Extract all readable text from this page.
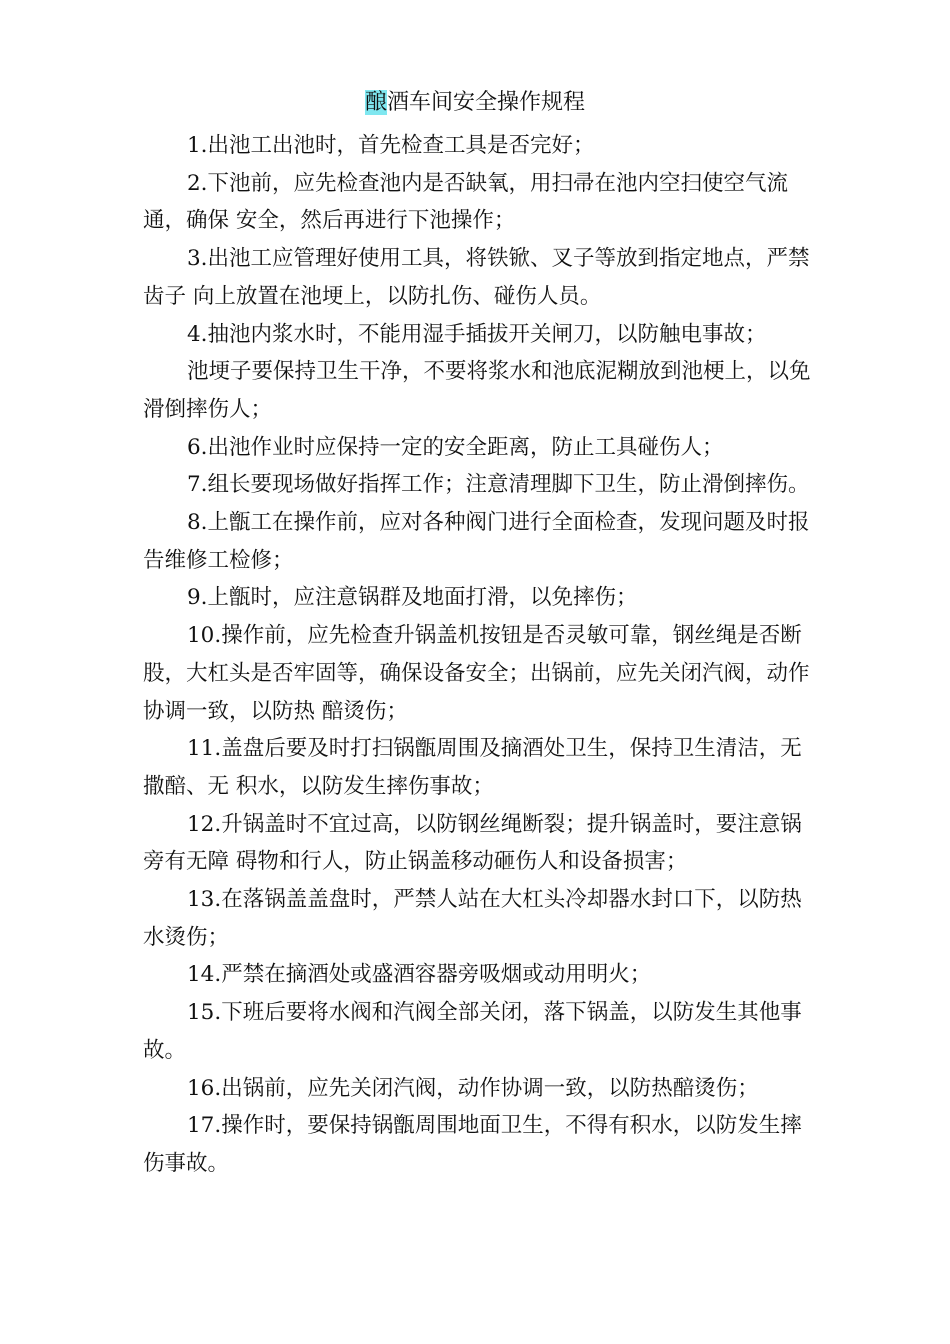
酿酒车间安全操作规程

1.出池工出池时，首先检查工具是否完好；

2.下池前，应先检查池内是否缺氧，用扫帚在池内空扫使空气流通，确保 安全，然后再进行下池操作；

3.出池工应管理好使用工具，将铁锨、叉子等放到指定地点，严禁齿子 向上放置在池埂上，以防扎伤、碰伤人员。

4.抽池内浆水时，不能用湿手插拔开关闸刀，以防触电事故；

池埂子要保持卫生干净，不要将浆水和池底泥糊放到池梗上，以免滑倒摔伤人；

6.出池作业时应保持一定的安全距离，防止工具碰伤人；

7.组长要现场做好指挥工作；注意清理脚下卫生，防止滑倒摔伤。

8.上甑工在操作前，应对各种阀门进行全面检查，发现问题及时报告维修工检修；

9.上甑时，应注意锅群及地面打滑，以免摔伤；

10.操作前，应先检查升锅盖机按钮是否灵敏可靠，钢丝绳是否断股，大杠头是否牢固等，确保设备安全；出锅前，应先关闭汽阀，动作协调一致，以防热 醅烫伤；

11.盖盘后要及时打扫锅甑周围及摘酒处卫生，保持卫生清洁，无撒醅、无 积水，以防发生摔伤事故；

12.升锅盖时不宜过高，以防钢丝绳断裂；提升锅盖时，要注意锅旁有无障 碍物和行人，防止锅盖移动砸伤人和设备损害；

13.在落锅盖盖盘时，严禁人站在大杠头冷却器水封口下，以防热水烫伤；

14.严禁在摘酒处或盛酒容器旁吸烟或动用明火；

15.下班后要将水阀和汽阀全部关闭，落下锅盖，以防发生其他事故。

16.出锅前，应先关闭汽阀，动作协调一致，以防热醅烫伤；

17.操作时，要保持锅甑周围地面卫生，不得有积水，以防发生摔伤事故。
